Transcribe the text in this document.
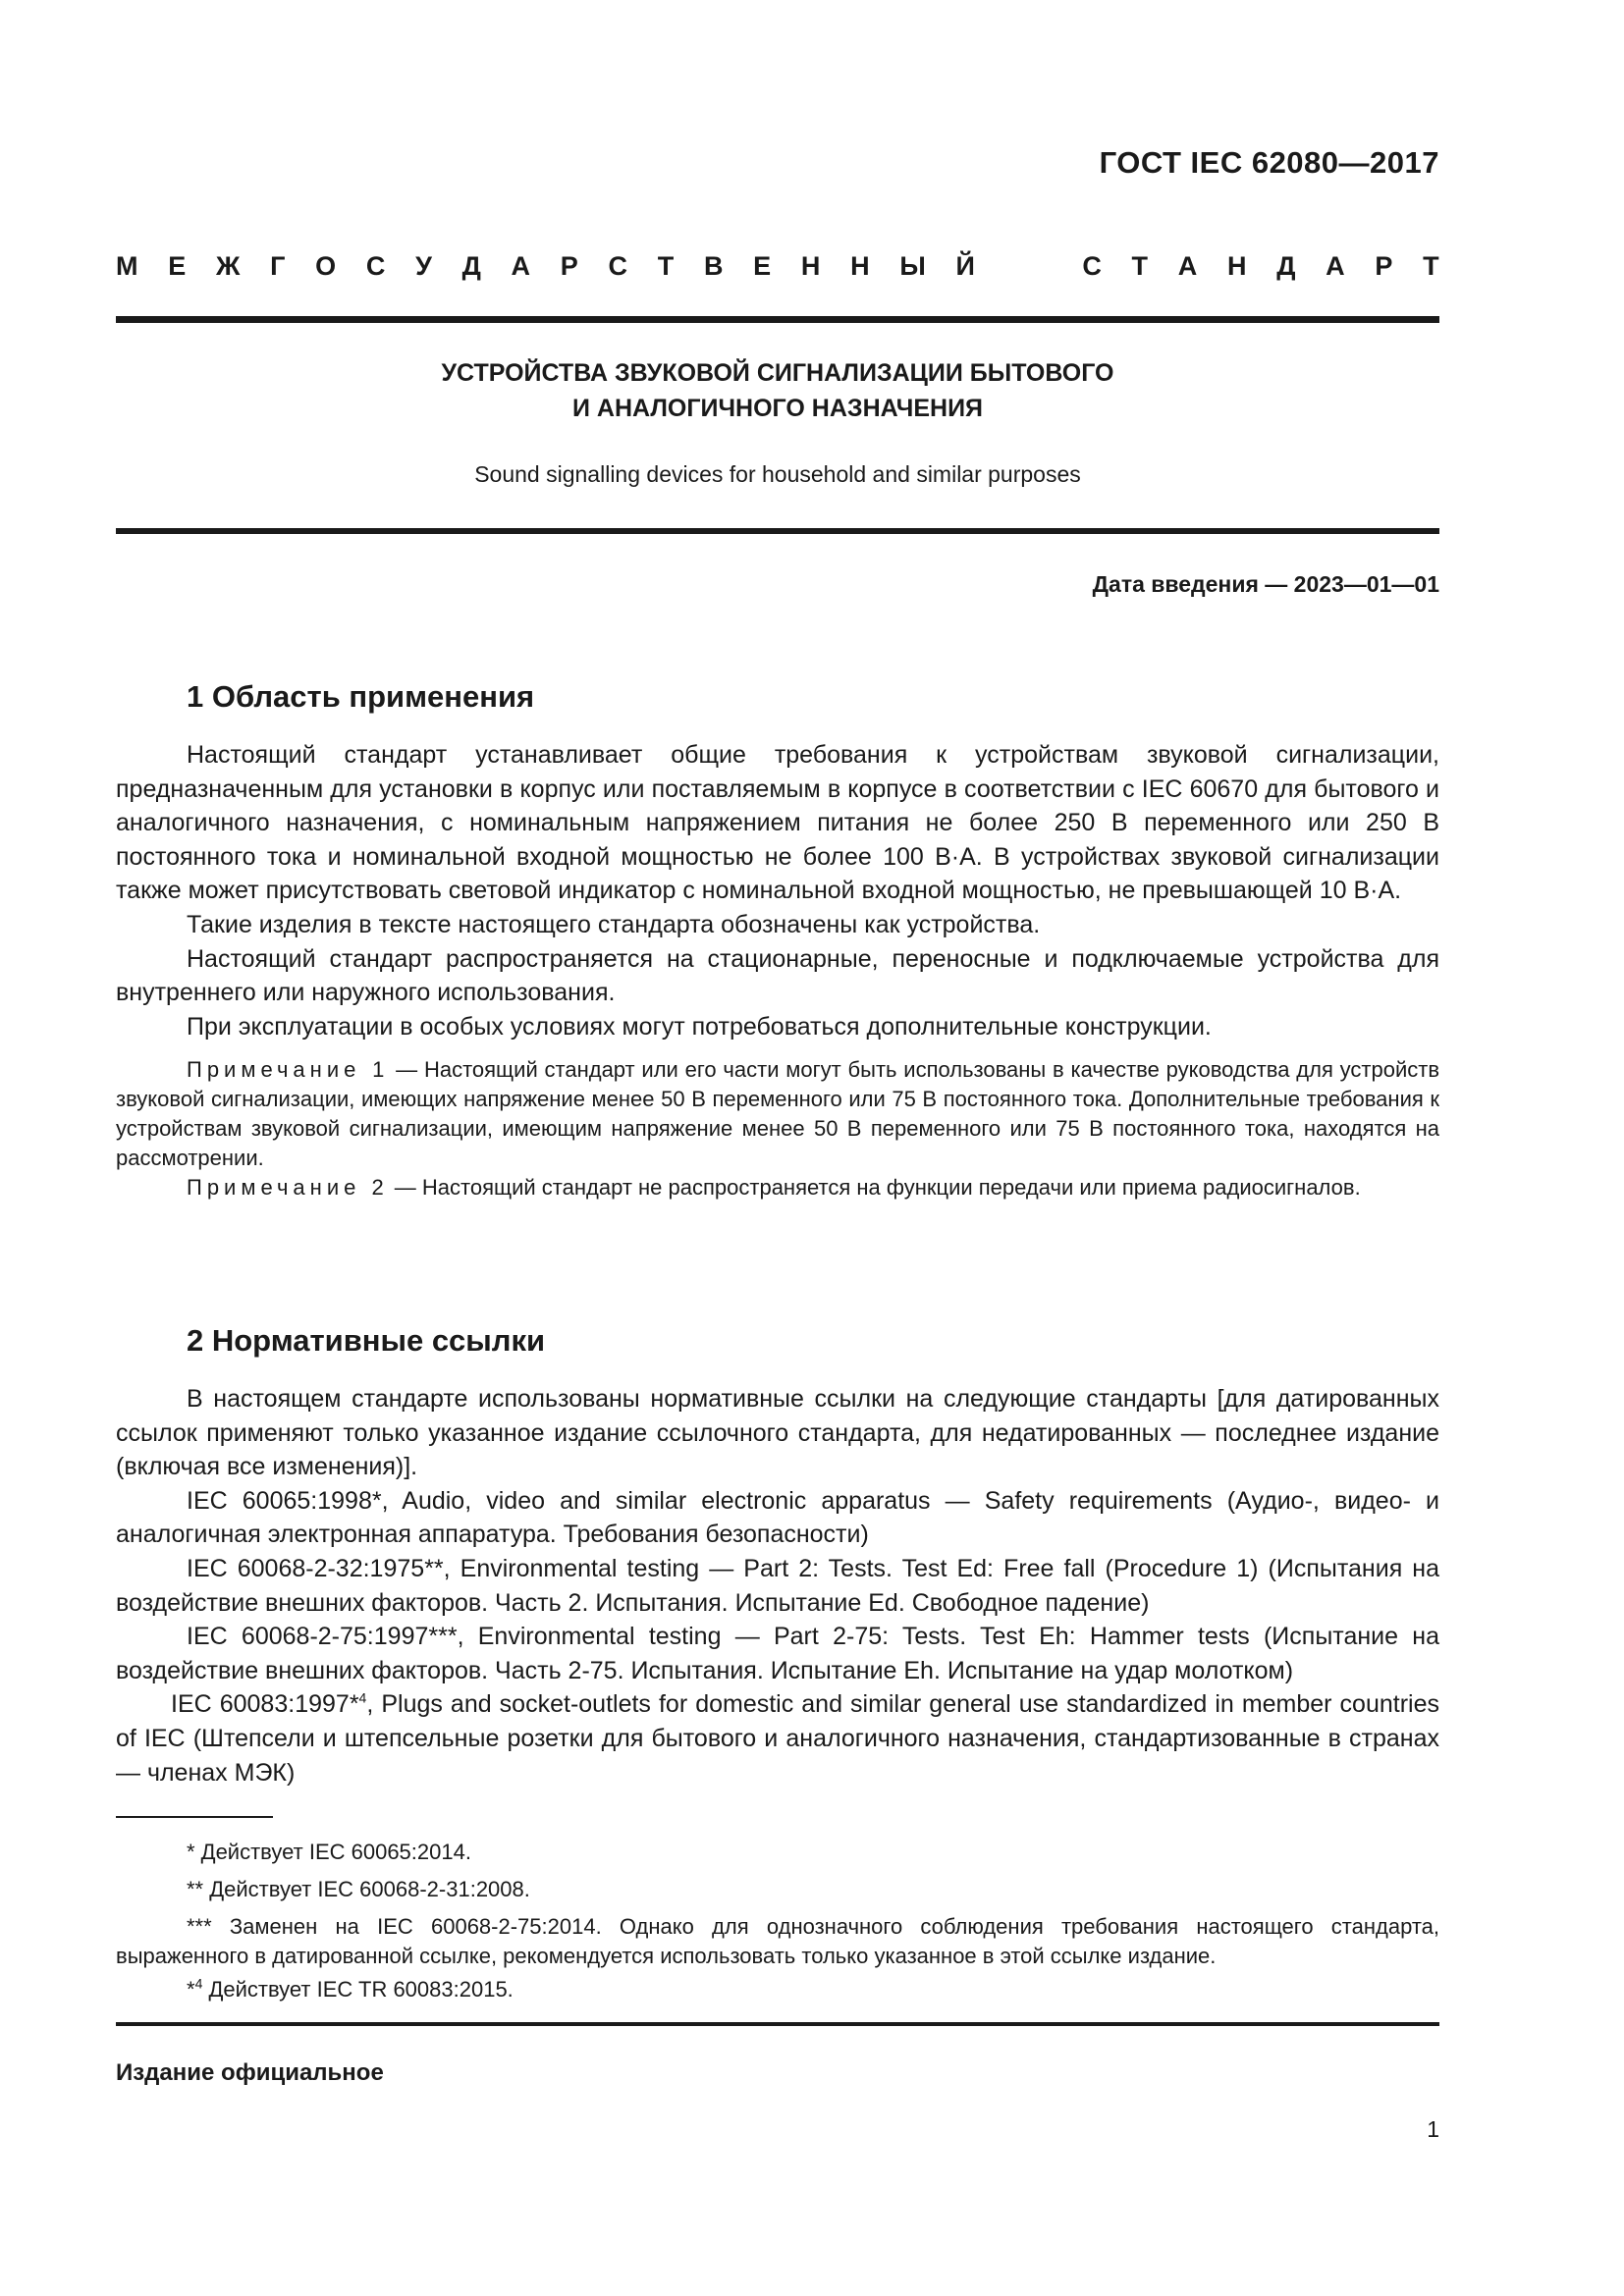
ГОСТ IEC 62080—2017
М Е Ж Г О С У Д А Р С Т В Е Н Н Ы Й	С Т А Н Д А Р Т
УСТРОЙСТВА ЗВУКОВОЙ СИГНАЛИЗАЦИИ БЫТОВОГО
И АНАЛОГИЧНОГО НАЗНАЧЕНИЯ
Sound signalling devices for household and similar purposes
Дата введения — 2023—01—01
1 Область применения

Настоящий стандарт устанавливает общие требования к устройствам звуковой сигнализации, предназначенным для установки в корпус или поставляемым в корпусе в соответствии с IEC 60670 для бытового и аналогичного назначения, с номинальным напряжением питания не более 250 В переменного или 250 В постоянного тока и номинальной входной мощностью не более 100 В·А. В устройствах звуковой сигнализации также может присутствовать световой индикатор с номинальной входной мощностью, не превышающей 10 В·А.

Такие изделия в тексте настоящего стандарта обозначены как устройства.

Настоящий стандарт распространяется на стационарные, переносные и подключаемые устройства для внутреннего или наружного использования.

При эксплуатации в особых условиях могут потребоваться дополнительные конструкции.

Примечание 1 — Настоящий стандарт или его части могут быть использованы в качестве руководства для устройств звуковой сигнализации, имеющих напряжение менее 50 В переменного или 75 В постоянного тока. Дополнительные требования к устройствам звуковой сигнализации, имеющим напряжение менее 50 В переменного или 75 В постоянного тока, находятся на рассмотрении.

Примечание 2 — Настоящий стандарт не распространяется на функции передачи или приема радиосигналов.

2 Нормативные ссылки

В настоящем стандарте использованы нормативные ссылки на следующие стандарты [для датированных ссылок применяют только указанное издание ссылочного стандарта, для недатированных — последнее издание (включая все изменения)].

IEC 60065:1998*, Audio, video and similar electronic apparatus — Safety requirements (Аудио-, видео- и аналогичная электронная аппаратура. Требования безопасности)

IEC 60068-2-32:1975**, Environmental testing — Part 2: Tests. Test Ed: Free fall (Procedure 1) (Испытания на воздействие внешних факторов. Часть 2. Испытания. Испытание Ed. Свободное падение)

IEC 60068-2-75:1997***, Environmental testing — Part 2-75: Tests. Test Eh: Hammer tests (Испытание на воздействие внешних факторов. Часть 2-75. Испытания. Испытание Eh. Испытание на удар молотком)

IEC 60083:1997*$^4$, Plugs and socket-outlets for domestic and similar general use standardized in member countries of IEC (Штепсели и штепсельные розетки для бытового и аналогичного назначения, стандартизованные в странах — членах МЭК)

* Действует IEC 60065:2014.

** Действует IEC 60068-2-31:2008.

*** Заменен на IEC 60068-2-75:2014. Однако для однозначного соблюдения требования настоящего стандарта, выраженного в датированной ссылке, рекомендуется использовать только указанное в этой ссылке издание.

*$^4$ Действует IEC TR 60083:2015.

Издание официальное
1
